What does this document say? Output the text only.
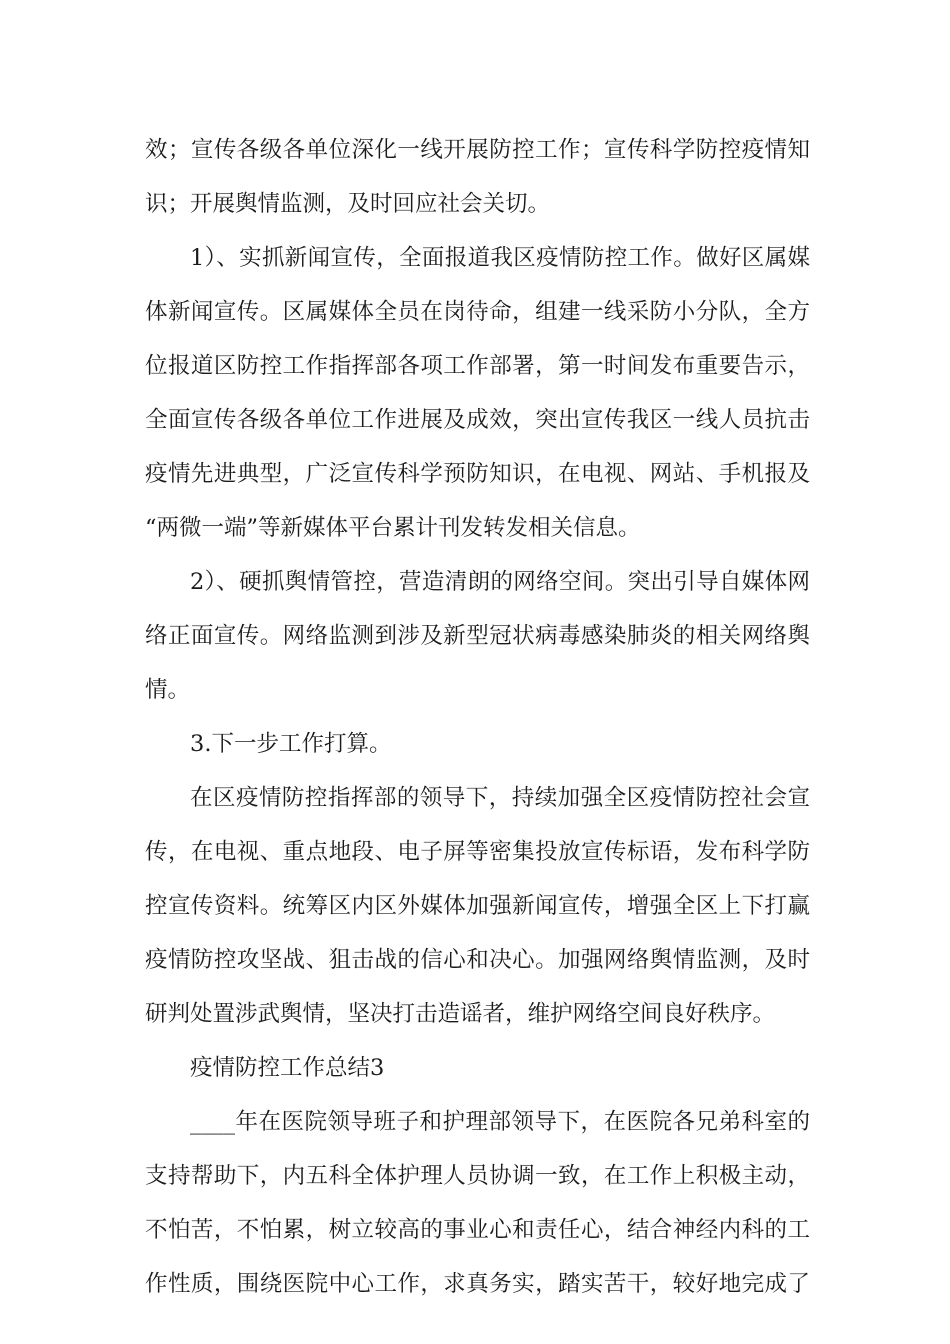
效；宣传各级各单位深化一线开展防控工作；宣传科学防控疫情知
识；开展舆情监测，及时回应社会关切。
1）、实抓新闻宣传，全面报道我区疫情防控工作。做好区属媒
体新闻宣传。区属媒体全员在岗待命，组建一线采防小分队，全方
位报道区防控工作指挥部各项工作部署，第一时间发布重要告示，
全面宣传各级各单位工作进展及成效，突出宣传我区一线人员抗击
疫情先进典型，广泛宣传科学预防知识，在电视、网站、手机报及
“两微一端”等新媒体平台累计刊发转发相关信息。
2）、硬抓舆情管控，营造清朗的网络空间。突出引导自媒体网
络正面宣传。网络监测到涉及新型冠状病毒感染肺炎的相关网络舆
情。
3.下一步工作打算。
在区疫情防控指挥部的领导下，持续加强全区疫情防控社会宣
传，在电视、重点地段、电子屏等密集投放宣传标语，发布科学防
控宣传资料。统筹区内区外媒体加强新闻宣传，增强全区上下打赢
疫情防控攻坚战、狙击战的信心和决心。加强网络舆情监测，及时
研判处置涉武舆情，坚决打击造谣者，维护网络空间良好秩序。
疫情防控工作总结3
____年在医院领导班子和护理部领导下，在医院各兄弟科室的
支持帮助下，内五科全体护理人员协调一致，在工作上积极主动，
不怕苦，不怕累，树立较高的事业心和责任心，结合神经内科的工
作性质，围绕医院中心工作，求真务实，踏实苦干，较好地完成了
